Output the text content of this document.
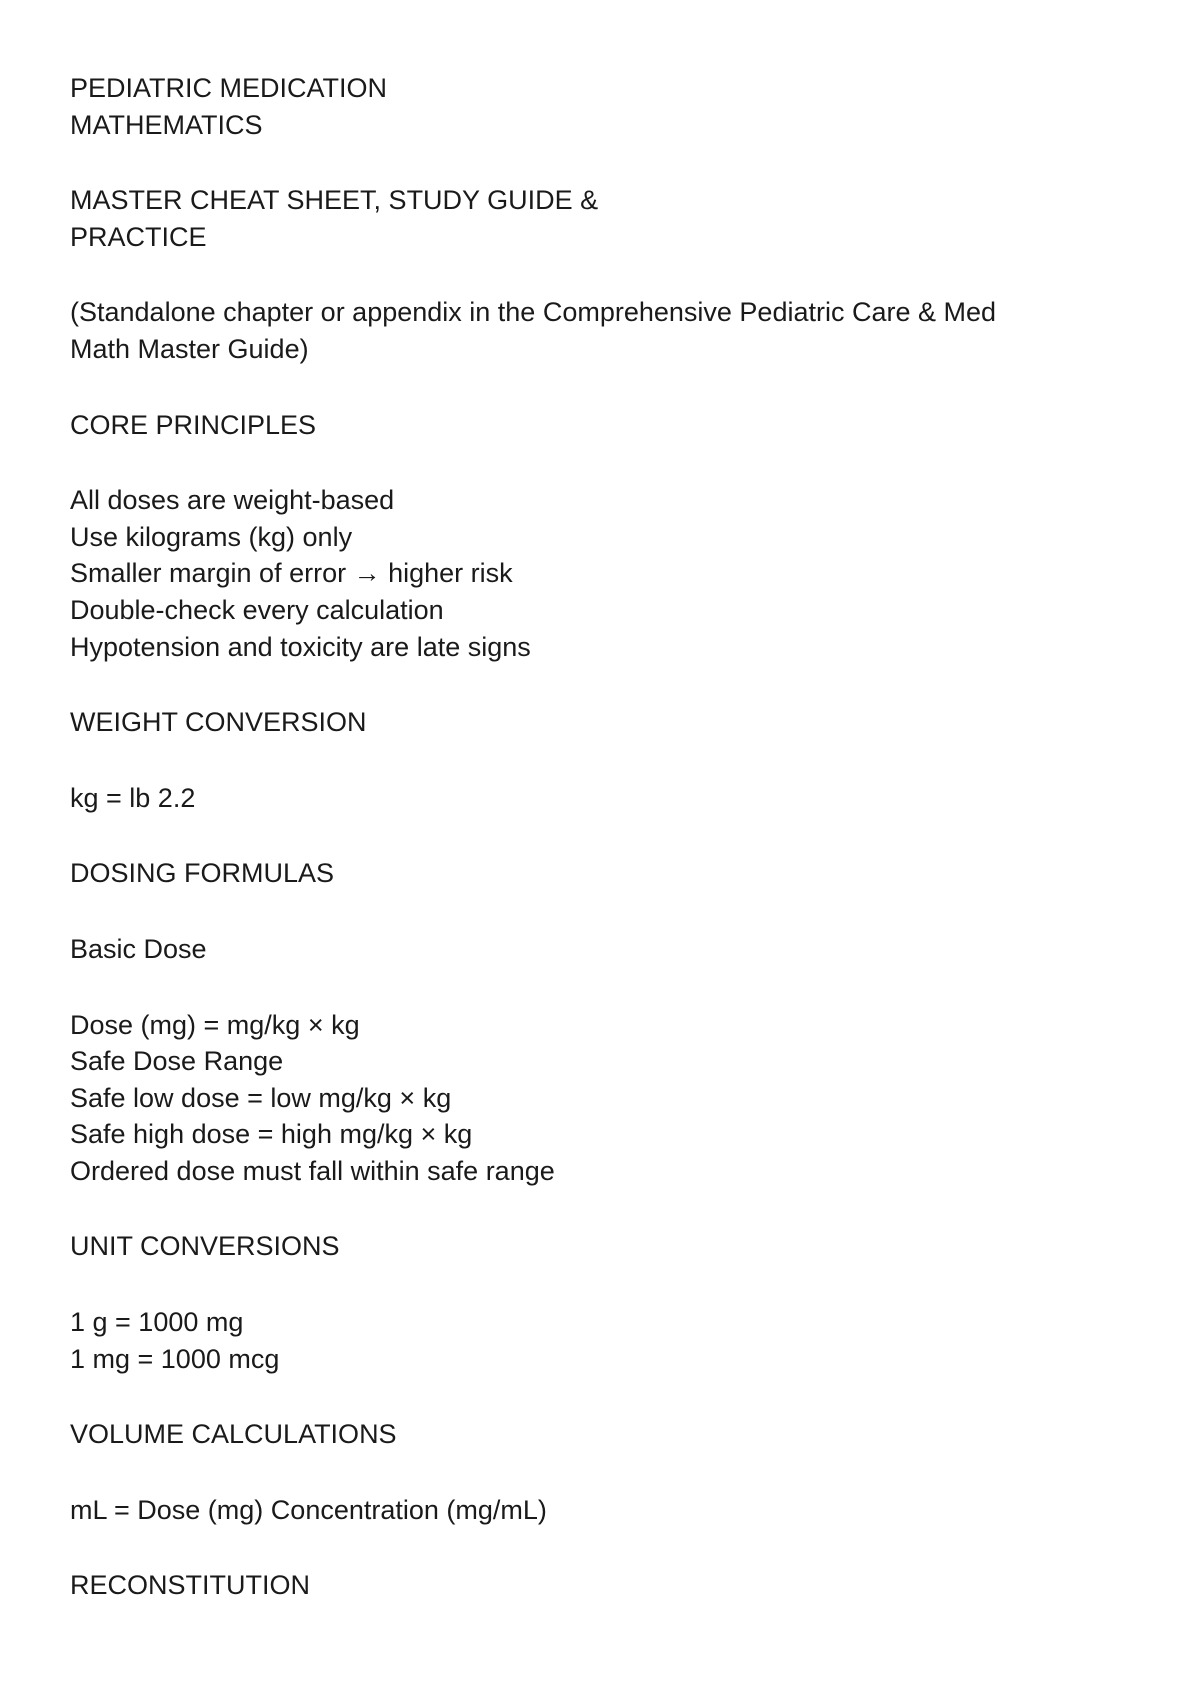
PEDIATRIC MEDICATION

MATHEMATICS

MASTER CHEAT SHEET, STUDY GUIDE &

PRACTICE

(Standalone chapter or appendix in the Comprehensive Pediatric Care & Med

Math Master Guide)

CORE PRINCIPLES

All doses are weight-based

Use kilograms (kg) only

Smaller margin of error → higher risk

Double-check every calculation

Hypotension and toxicity are late signs

WEIGHT CONVERSION

kg = lb 2.2

DOSING FORMULAS

Basic Dose

Dose (mg) = mg/kg × kg

Safe Dose Range

Safe low dose = low mg/kg × kg

Safe high dose = high mg/kg × kg

Ordered dose must fall within safe range

UNIT CONVERSIONS

1 g = 1000 mg

1 mg = 1000 mcg

VOLUME CALCULATIONS

mL = Dose (mg) Concentration (mg/mL)

RECONSTITUTION
